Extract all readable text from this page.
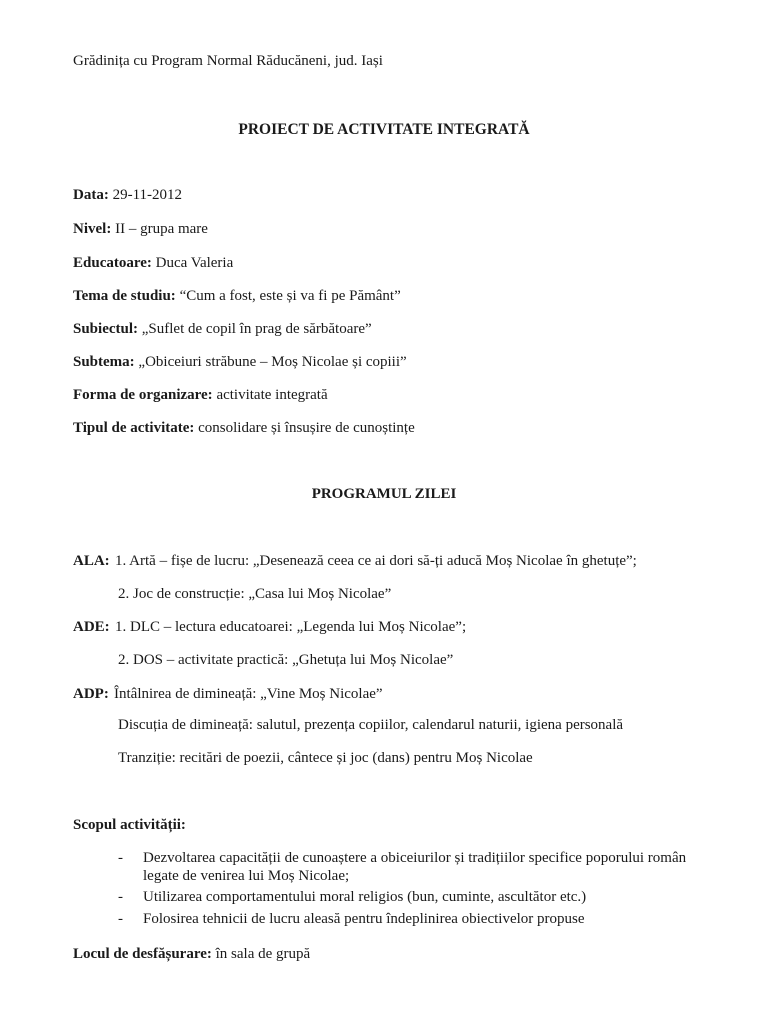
Grădinița cu Program Normal Răducăneni, jud. Iași
PROIECT DE ACTIVITATE INTEGRATĂ
Data: 29-11-2012
Nivel: II – grupa mare
Educatoare: Duca Valeria
Tema de studiu: “Cum a fost, este și va fi pe Pământ”
Subiectul: „Suflet de copil în prag de sărbătoare”
Subtema: „Obiceiuri străbune – Moș Nicolae și copiii”
Forma de organizare: activitate integrată
Tipul de activitate: consolidare și însușire de cunoștințe
PROGRAMUL ZILEI
ALA: 1. Artă – fișe de lucru: „Desenează ceea ce ai dori să-ți aducă Moș Nicolae în ghetuțe”;
2. Joc de construcție: „Casa lui Moș Nicolae”
ADE: 1. DLC – lectura educatoarei: „Legenda lui Moș Nicolae”;
2. DOS – activitate practică: „Ghetuța lui Moș Nicolae”
ADP: Întâlnirea de dimineață: „Vine Moș Nicolae”
Discuția de dimineață: salutul, prezența copiilor, calendarul naturii, igiena personală
Tranziție: recitări de poezii, cântece și joc (dans) pentru Moș Nicolae
Scopul activității:
- Dezvoltarea capacității de cunoaștere a obiceiurilor și tradițiilor specifice poporului român legate de venirea lui Moș Nicolae;
- Utilizarea comportamentului moral religios (bun, cuminte, ascultător etc.)
- Folosirea tehnicii de lucru aleasă pentru îndeplinirea obiectivelor propuse
Locul de desfășurare: în sala de grupă
